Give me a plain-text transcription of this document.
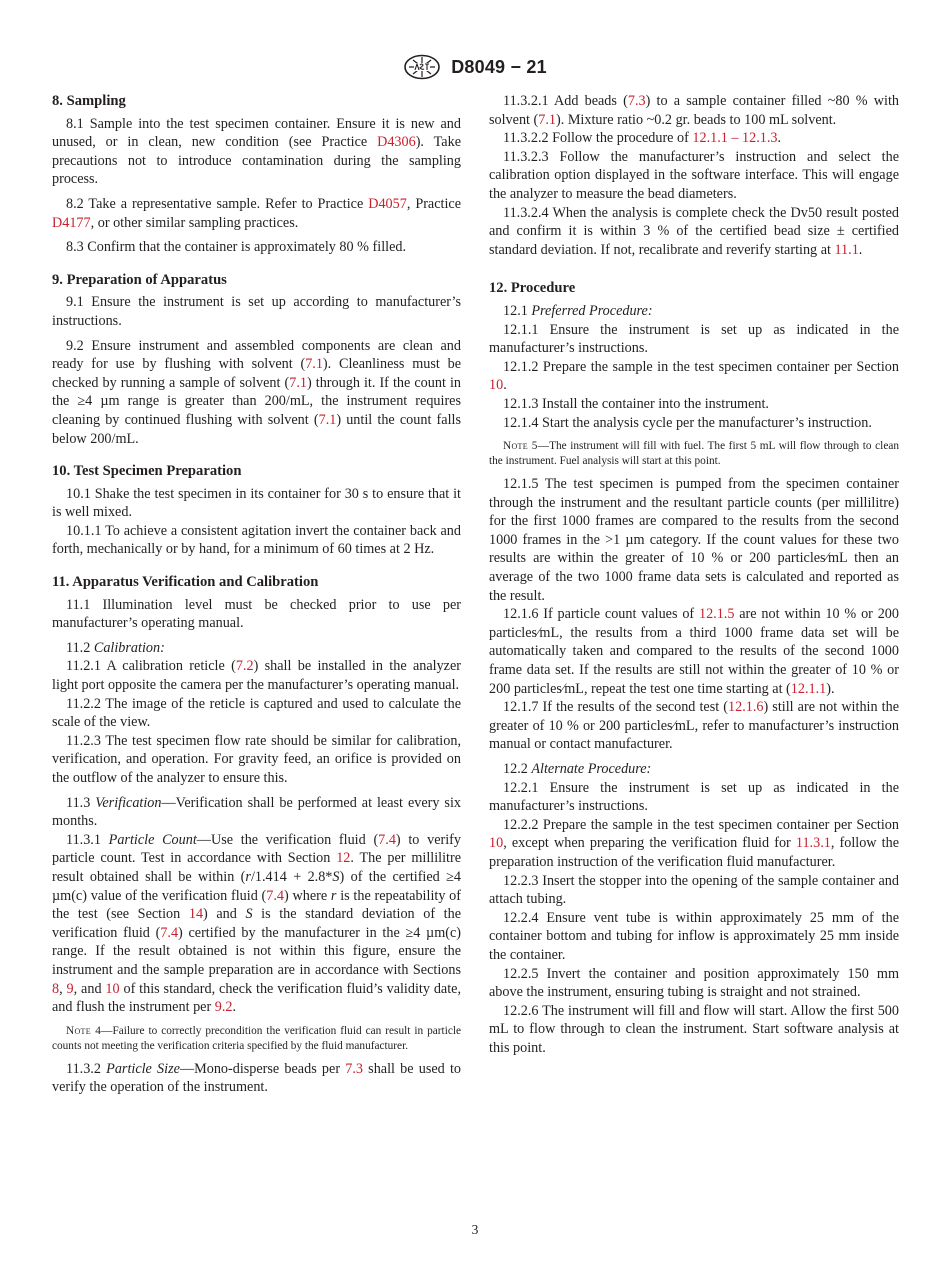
D8049 − 21
8. Sampling

8.1 Sample into the test specimen container. Ensure it is new and unused, or in clean, new condition (see Practice D4306). Take precautions not to introduce contamination during the sampling process.

8.2 Take a representative sample. Refer to Practice D4057, Practice D4177, or other similar sampling practices.

8.3 Confirm that the container is approximately 80 % filled.

9. Preparation of Apparatus

9.1 Ensure the instrument is set up according to manufacturer’s instructions.

9.2 Ensure instrument and assembled components are clean and ready for use by flushing with solvent (7.1). Cleanliness must be checked by running a sample of solvent (7.1) through it. If the count in the ≥4 µm range is greater than 200/mL, the instrument requires cleaning by continued flushing with solvent (7.1) until the count falls below 200/mL.

10. Test Specimen Preparation

10.1 Shake the test specimen in its container for 30 s to ensure that it is well mixed.

10.1.1 To achieve a consistent agitation invert the container back and forth, mechanically or by hand, for a minimum of 60 times at 2 Hz.

11. Apparatus Verification and Calibration

11.1 Illumination level must be checked prior to use per manufacturer’s operating manual.

11.2 Calibration:

11.2.1 A calibration reticle (7.2) shall be installed in the analyzer light port opposite the camera per the manufacturer’s operating manual.

11.2.2 The image of the reticle is captured and used to calculate the scale of the view.

11.2.3 The test specimen flow rate should be similar for calibration, verification, and operation. For gravity feed, an orifice is provided on the outflow of the analyzer to ensure this.

11.3 Verification—Verification shall be performed at least every six months.

11.3.1 Particle Count—Use the verification fluid (7.4) to verify particle count. Test in accordance with Section 12. The per millilitre result obtained shall be within (r/1.414 + 2.8*S) of the certified ≥4 µm(c) value of the verification fluid (7.4) where r is the repeatability of the test (see Section 14) and S is the standard deviation of the verification fluid (7.4) certified by the manufacturer in the ≥4 µm(c) range. If the result obtained is not within this figure, ensure the instrument and the sample preparation are in accordance with Sections 8, 9, and 10 of this standard, check the verification fluid’s validity date, and flush the instrument per 9.2.

Note 4—Failure to correctly precondition the verification fluid can result in particle counts not meeting the verification criteria specified by the fluid manufacturer.

11.3.2 Particle Size—Mono-disperse beads per 7.3 shall be used to verify the operation of the instrument.

11.3.2.1 Add beads (7.3) to a sample container filled ~80 % with solvent (7.1). Mixture ratio ~0.2 gr. beads to 100 mL solvent.

11.3.2.2 Follow the procedure of 12.1.1 – 12.1.3.

11.3.2.3 Follow the manufacturer’s instruction and select the calibration option displayed in the software interface. This will engage the analyzer to measure the bead diameters.

11.3.2.4 When the analysis is complete check the Dv50 result posted and confirm it is within 3 % of the certified bead size ± certified standard deviation. If not, recalibrate and reverify starting at 11.1.

12. Procedure

12.1 Preferred Procedure:

12.1.1 Ensure the instrument is set up as indicated in the manufacturer’s instructions.

12.1.2 Prepare the sample in the test specimen container per Section 10.

12.1.3 Install the container into the instrument.

12.1.4 Start the analysis cycle per the manufacturer’s instruction.

Note 5—The instrument will fill with fuel. The first 5 mL will flow through to clean the instrument. Fuel analysis will start at this point.

12.1.5 The test specimen is pumped from the specimen container through the instrument and the resultant particle counts (per millilitre) for the first 1000 frames are compared to the results from the second 1000 frames in the >1 µm category. If the count values for these two results are within the greater of 10 % or 200 particles⁄mL then an average of the two 1000 frame data sets is calculated and reported as the result.

12.1.6 If particle count values of 12.1.5 are not within 10 % or 200 particles⁄mL, the results from a third 1000 frame data set will be automatically taken and compared to the results of the second 1000 frame data set. If the results are still not within the greater of 10 % or 200 particles⁄mL, repeat the test one time starting at (12.1.1).

12.1.7 If the results of the second test (12.1.6) still are not within the greater of 10 % or 200 particles⁄mL, refer to manufacturer’s instruction manual or contact manufacturer.

12.2 Alternate Procedure:

12.2.1 Ensure the instrument is set up as indicated in the manufacturer’s instructions.

12.2.2 Prepare the sample in the test specimen container per Section 10, except when preparing the verification fluid for 11.3.1, follow the preparation instruction of the verification fluid manufacturer.

12.2.3 Insert the stopper into the opening of the sample container and attach tubing.

12.2.4 Ensure vent tube is within approximately 25 mm of the container bottom and tubing for inflow is approximately 25 mm inside the container.

12.2.5 Invert the container and position approximately 150 mm above the instrument, ensuring tubing is straight and not strained.

12.2.6 The instrument will fill and flow will start. Allow the first 500 mL to flow through to clean the instrument. Start software analysis at this point.

3
